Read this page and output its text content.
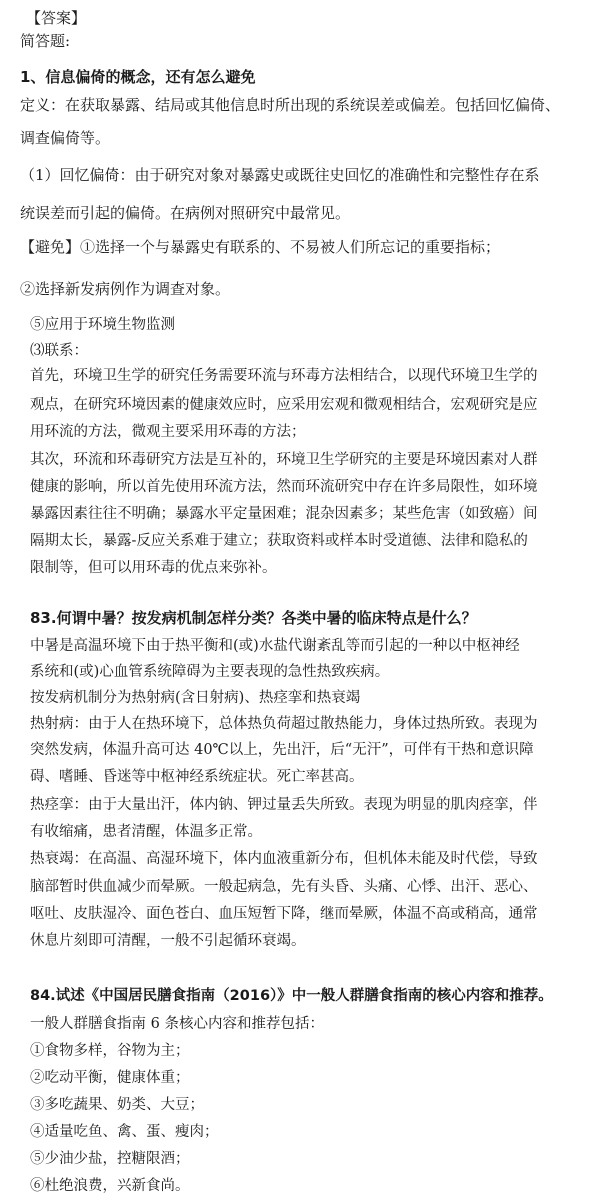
【答案】

简答题:

1、信息偏倚的概念，还有怎么避免

定义：在获取暴露、结局或其他信息时所出现的系统误差或偏差。包括回忆偏倚、

调查偏倚等。

（1）回忆偏倚：由于研究对象对暴露史或既往史回忆的准确性和完整性存在系

统误差而引起的偏倚。在病例对照研究中最常见。

【避免】①选择一个与暴露史有联系的、不易被人们所忘记的重要指标；

②选择新发病例作为调查对象。

⑤应用于环境生物监测

⑶联系：

首先，环境卫生学的研究任务需要环流与环毒方法相结合，以现代环境卫生学的

观点，在研究环境因素的健康效应时，应采用宏观和微观相结合，宏观研究是应

用环流的方法，微观主要采用环毒的方法；

其次，环流和环毒研究方法是互补的，环境卫生学研究的主要是环境因素对人群

健康的影响，所以首先使用环流方法，然而环流研究中存在许多局限性，如环境

暴露因素往往不明确；暴露水平定量困难；混杂因素多；某些危害（如致癌）间

隔期太长，暴露-反应关系难于建立；获取资料或样本时受道德、法律和隐私的

限制等，但可以用环毒的优点来弥补。

83.何谓中暑？按发病机制怎样分类？各类中暑的临床特点是什么？

中暑是高温环境下由于热平衡和(或)水盐代谢紊乱等而引起的一种以中枢神经

系统和(或)心血管系统障碍为主要表现的急性热致疾病。

按发病机制分为热射病(含日射病)、热痉挛和热衰竭

热射病：由于人在热环境下，总体热负荷超过散热能力，身体过热所致。表现为

突然发病，体温升高可达 40℃以上，先出汗，后“无汗”，可伴有干热和意识障

碍、嗜睡、昏迷等中枢神经系统症状。死亡率甚高。

热痉挛：由于大量出汗，体内钠、钾过量丢失所致。表现为明显的肌肉痉挛，伴

有收缩痛，患者清醒，体温多正常。

热衰竭：在高温、高湿环境下，体内血液重新分布，但机体未能及时代偿，导致

脑部暂时供血减少而晕厥。一般起病急，先有头昏、头痛、心悸、出汗、恶心、

呕吐、皮肤湿冷、面色苍白、血压短暂下降，继而晕厥，体温不高或稍高，通常

休息片刻即可清醒，一般不引起循环衰竭。

84.试述《中国居民膳食指南（2016）》中一般人群膳食指南的核心内容和推荐。

一般人群膳食指南 6 条核心内容和推荐包括：

①食物多样，谷物为主；

②吃动平衡，健康体重；

③多吃蔬果、奶类、大豆；

④适量吃鱼、禽、蛋、瘦肉；

⑤少油少盐，控糖限酒；

⑥杜绝浪费，兴新食尚。
